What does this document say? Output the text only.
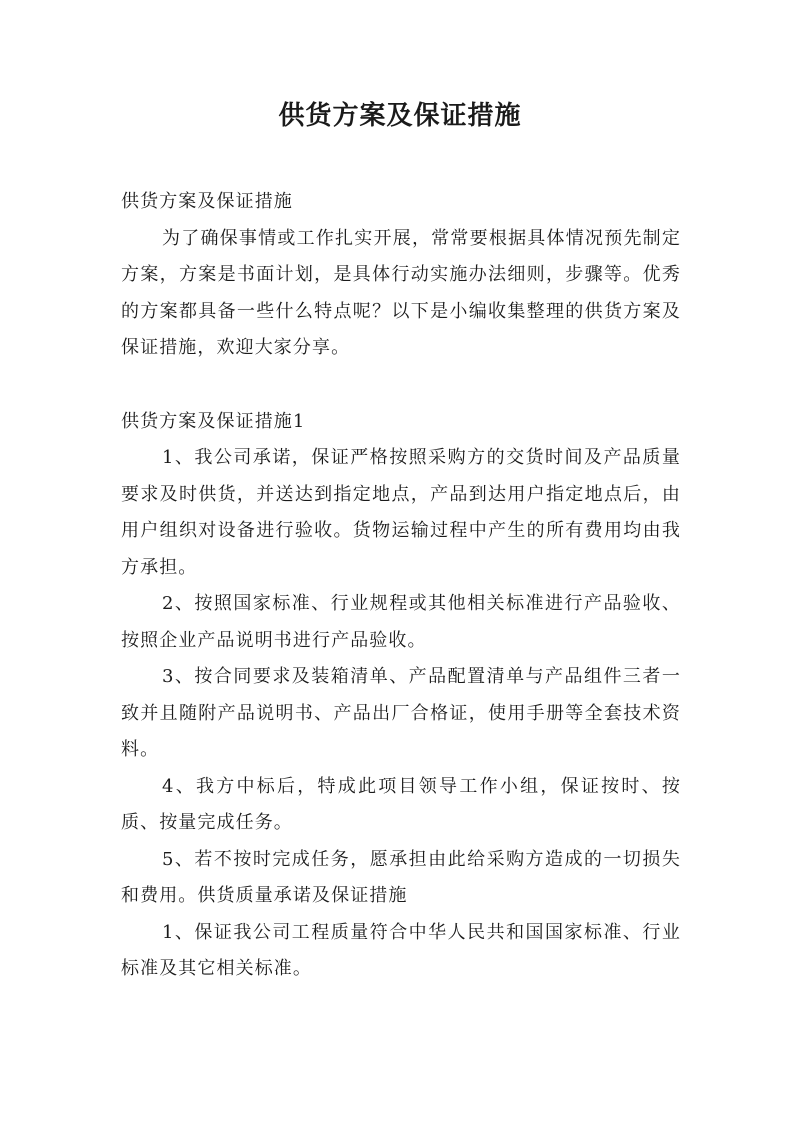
供货方案及保证措施

供货方案及保证措施

为了确保事情或工作扎实开展，常常要根据具体情况预先制定方案，方案是书面计划，是具体行动实施办法细则，步骤等。优秀的方案都具备一些什么特点呢？以下是小编收集整理的供货方案及保证措施，欢迎大家分享。

供货方案及保证措施1

1、我公司承诺，保证严格按照采购方的交货时间及产品质量要求及时供货，并送达到指定地点，产品到达用户指定地点后，由用户组织对设备进行验收。货物运输过程中产生的所有费用均由我方承担。

2、按照国家标准、行业规程或其他相关标准进行产品验收、按照企业产品说明书进行产品验收。

3、按合同要求及装箱清单、产品配置清单与产品组件三者一致并且随附产品说明书、产品出厂合格证，使用手册等全套技术资料。

4、我方中标后，特成此项目领导工作小组，保证按时、按质、按量完成任务。

5、若不按时完成任务，愿承担由此给采购方造成的一切损失和费用。供货质量承诺及保证措施

1、保证我公司工程质量符合中华人民共和国国家标准、行业标准及其它相关标准。
